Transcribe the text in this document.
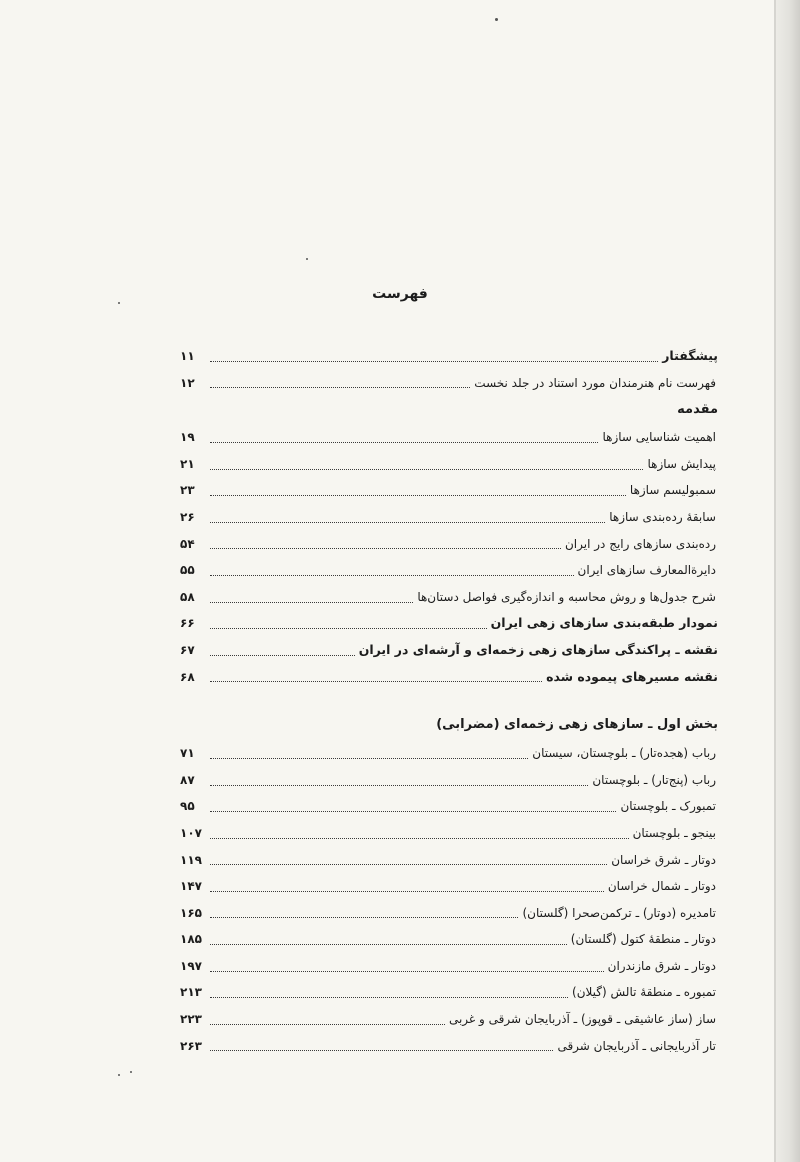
فهرست
پیشگفتار
۱۱
فهرست نام هنرمندان مورد استناد در جلد نخست
۱۲
مقدمه
اهمیت شناسایی سازها
۱۹
پیدایش سازها
۲۱
سمبولیسم سازها
۲۳
سابقهٔ رده‌بندی سازها
۲۶
رده‌بندی سازهای رایج در ایران
۵۴
دایرة‌المعارف سازهای ایران
۵۵
شرح جدول‌ها و روش محاسبه و اندازه‌گیری فواصل دستان‌ها
۵۸
نمودار طبقه‌بندی سازهای زهی ایران
۶۶
نقشه ـ پراکندگی سازهای زهی زخمه‌ای و آرشه‌ای در ایران
۶۷
نقشه مسیرهای پیموده شده
۶۸
بخش اول ـ سازهای زهی زخمه‌ای (مضرابی)
رباب (هجده‌تار) ـ بلوچستان، سیستان
۷۱
رباب (پنج‌تار) ـ بلوچستان
۸۷
تمبورک ـ بلوچستان
۹۵
بینجو ـ بلوچستان
۱۰۷
دوتار ـ شرق خراسان
۱۱۹
دوتار ـ شمال خراسان
۱۴۷
تامدیره (دوتار) ـ ترکمن‌صحرا (گلستان)
۱۶۵
دوتار ـ منطقهٔ کتول (گلستان)
۱۸۵
دوتار ـ شرق مازندران
۱۹۷
تمبوره ـ منطقهٔ تالش (گیلان)
۲۱۳
ساز (ساز عاشیقی ـ قوپوز) ـ آذربایجان شرقی و غربی
۲۲۳
تار آذربایجانی ـ آذربایجان شرقی
۲۶۳
